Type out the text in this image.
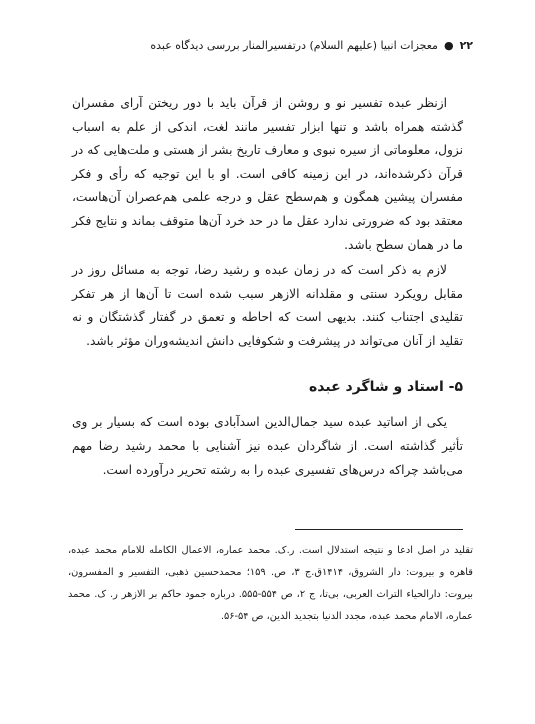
۲۲
●
معجزات انبیا (علیهم السلام) درتفسیرالمنار بررسی دیدگاه عبده

ازنظر عبده تفسیر نو و روشن از قرآن باید با دور ریختن آرای مفسران گذشته همراه باشد و تنها ابزار تفسیر مانند لغت، اندکی از علم به اسباب نزول، معلوماتی از سیره نبوی و معارف تاریخ بشر از هستی و ملت‌هایی که در قرآن ذکرشده‌اند، در این زمینه کافی است. او با این توجیه که رأی و فکر مفسران پیشین همگون و هم‌سطح عقل و درجه علمی هم‌عصران آن‌هاست، معتقد بود که ضرورتی ندارد عقل ما در حد خرد آن‌ها متوقف بماند و نتایج فکر ما در همان سطح باشد.

لازم به ذکر است که در زمان عبده و رشید رضا، توجه به مسائل روز در مقابل رویکرد سنتی و مقلدانه الازهر سبب شده است تا آن‌ها از هر تفکر تقلیدی اجتناب کنند. بدیهی است که احاطه و تعمق در گفتار گذشتگان و نه تقلید از آنان می‌تواند در پیشرفت و شکوفایی دانش اندیشه‌وران مؤثر باشد.

۵- استاد و شاگرد عبده

یکی از اساتید عبده سید جمال‌الدین اسدآبادی بوده است که بسیار بر وی تأثیر گذاشته است. از شاگردان عبده نیز آشنایی با محمد رشید رضا مهم می‌باشد چراکه درس‌های تفسیری عبده را به رشته تحریر درآورده است.

تقلید در اصل ادعا و نتیجه استدلال است. ر.ک. محمد عماره، الاعمال الکامله للامام محمد عبده، قاهره و بیروت: دار الشروق، ۱۴۱۴ق.ج ۳، ص. ۱۵۹؛ محمدحسین ذهبی، التفسیر و المفسرون، بیروت: دارالحیاء التراث العربی، بی‌تا، ج ۲، ص ۵۵۴-۵۵۵. درباره جمود حاکم بر الازهر ر. ک. محمد عماره، الامام محمد عبده، مجدد الدنیا بتجدید الدین، ص ۵۴-۵۶.
